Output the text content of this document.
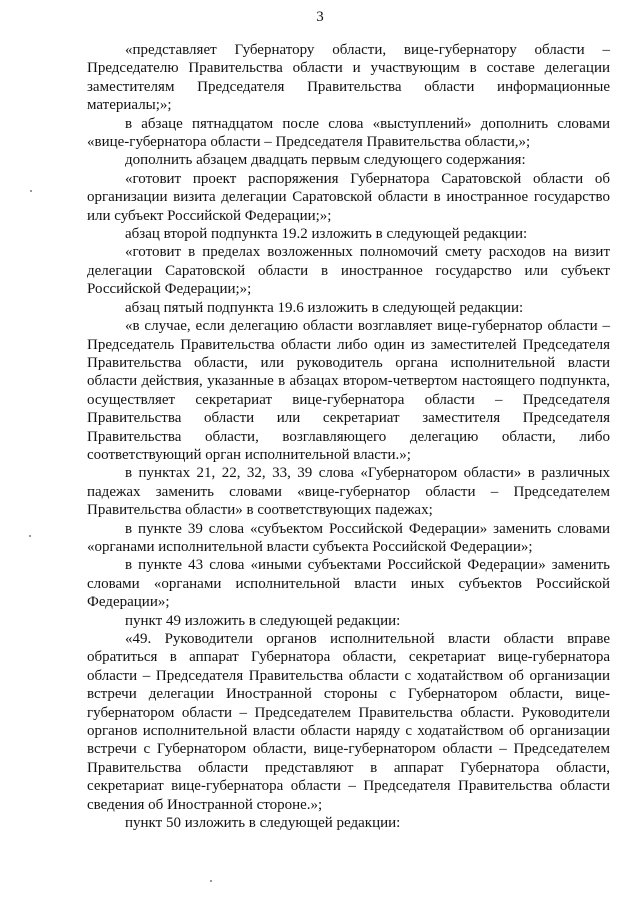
3

«представляет Губернатору области, вице-губернатору области – Председателю Правительства области и участвующим в составе делегации заместителям Председателя Правительства области информационные материалы;»;

в абзаце пятнадцатом после слова «выступлений» дополнить словами «вице-губернатора области – Председателя Правительства области,»;

дополнить абзацем двадцать первым следующего содержания:

«готовит проект распоряжения Губернатора Саратовской области об организации визита делегации Саратовской области в иностранное государство или субъект Российской Федерации;»;

абзац второй подпункта 19.2 изложить в следующей редакции:

«готовит в пределах возложенных полномочий смету расходов на визит делегации Саратовской области в иностранное государство или субъект Российской Федерации;»;

абзац пятый подпункта 19.6 изложить в следующей редакции:

«в случае, если делегацию области возглавляет вице-губернатор области – Председатель Правительства области либо один из заместителей Председателя Правительства области, или руководитель органа исполнительной власти области действия, указанные в абзацах втором-четвертом настоящего подпункта, осуществляет секретариат вице-губернатора области – Председателя Правительства области или секретариат заместителя Председателя Правительства области, возглавляющего делегацию области, либо соответствующий орган исполнительной власти.»;

в пунктах 21, 22, 32, 33, 39 слова «Губернатором области» в различных падежах заменить словами «вице-губернатор области – Председателем Правительства области» в соответствующих падежах;

в пункте 39 слова «субъектом Российской Федерации» заменить словами «органами исполнительной власти субъекта Российской Федерации»;

в пункте 43 слова «иными субъектами Российской Федерации» заменить словами «органами исполнительной власти иных субъектов Российской Федерации»;

пункт 49 изложить в следующей редакции:

«49. Руководители органов исполнительной власти области вправе обратиться в аппарат Губернатора области, секретариат вице-губернатора области – Председателя Правительства области с ходатайством об организации встречи делегации Иностранной стороны с Губернатором области, вице-губернатором области – Председателем Правительства области. Руководители органов исполнительной власти области наряду с ходатайством об организации встречи с Губернатором области, вице-губернатором области – Председателем Правительства области представляют в аппарат Губернатора области, секретариат вице-губернатора области – Председателя Правительства области сведения об Иностранной стороне.»;

пункт 50 изложить в следующей редакции:
